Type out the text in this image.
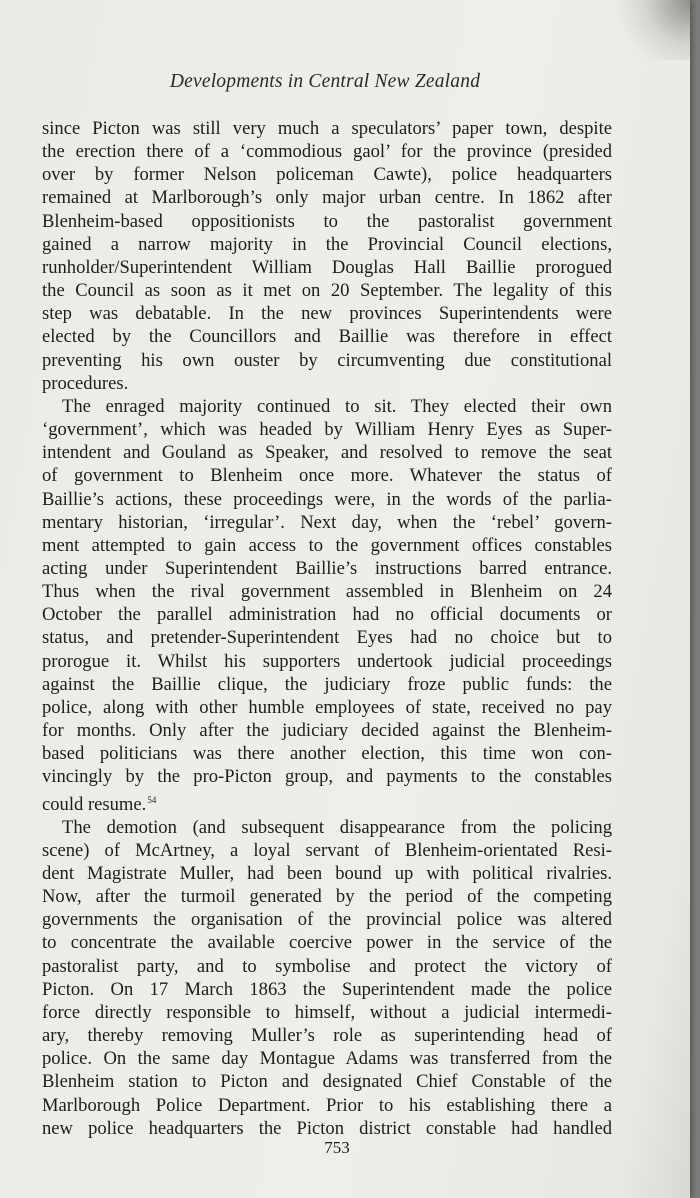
Developments in Central New Zealand
since Picton was still very much a speculators’ paper town, despite
the erection there of a ‘commodious gaol’ for the province (presided
over by former Nelson policeman Cawte), police headquarters
remained at Marlborough’s only major urban centre. In 1862 after
Blenheim-based oppositionists to the pastoralist government
gained a narrow majority in the Provincial Council elections,
runholder/Superintendent William Douglas Hall Baillie prorogued
the Council as soon as it met on 20 September. The legality of this
step was debatable. In the new provinces Superintendents were
elected by the Councillors and Baillie was therefore in effect
preventing his own ouster by circumventing due constitutional
procedures.
The enraged majority continued to sit. They elected their own
‘government’, which was headed by William Henry Eyes as Super-
intendent and Gouland as Speaker, and resolved to remove the seat
of government to Blenheim once more. Whatever the status of
Baillie’s actions, these proceedings were, in the words of the parlia-
mentary historian, ‘irregular’. Next day, when the ‘rebel’ govern-
ment attempted to gain access to the government offices constables
acting under Superintendent Baillie’s instructions barred entrance.
Thus when the rival government assembled in Blenheim on 24
October the parallel administration had no official documents or
status, and pretender-Superintendent Eyes had no choice but to
prorogue it. Whilst his supporters undertook judicial proceedings
against the Baillie clique, the judiciary froze public funds: the
police, along with other humble employees of state, received no pay
for months. Only after the judiciary decided against the Blenheim-
based politicians was there another election, this time won con-
vincingly by the pro-Picton group, and payments to the constables
could resume.$^{54}$
The demotion (and subsequent disappearance from the policing
scene) of McArtney, a loyal servant of Blenheim-orientated Resi-
dent Magistrate Muller, had been bound up with political rivalries.
Now, after the turmoil generated by the period of the competing
governments the organisation of the provincial police was altered
to concentrate the available coercive power in the service of the
pastoralist party, and to symbolise and protect the victory of
Picton. On 17 March 1863 the Superintendent made the police
force directly responsible to himself, without a judicial intermedi-
ary, thereby removing Muller’s role as superintending head of
police. On the same day Montague Adams was transferred from the
Blenheim station to Picton and designated Chief Constable of the
Marlborough Police Department. Prior to his establishing there a
new police headquarters the Picton district constable had handled
753
